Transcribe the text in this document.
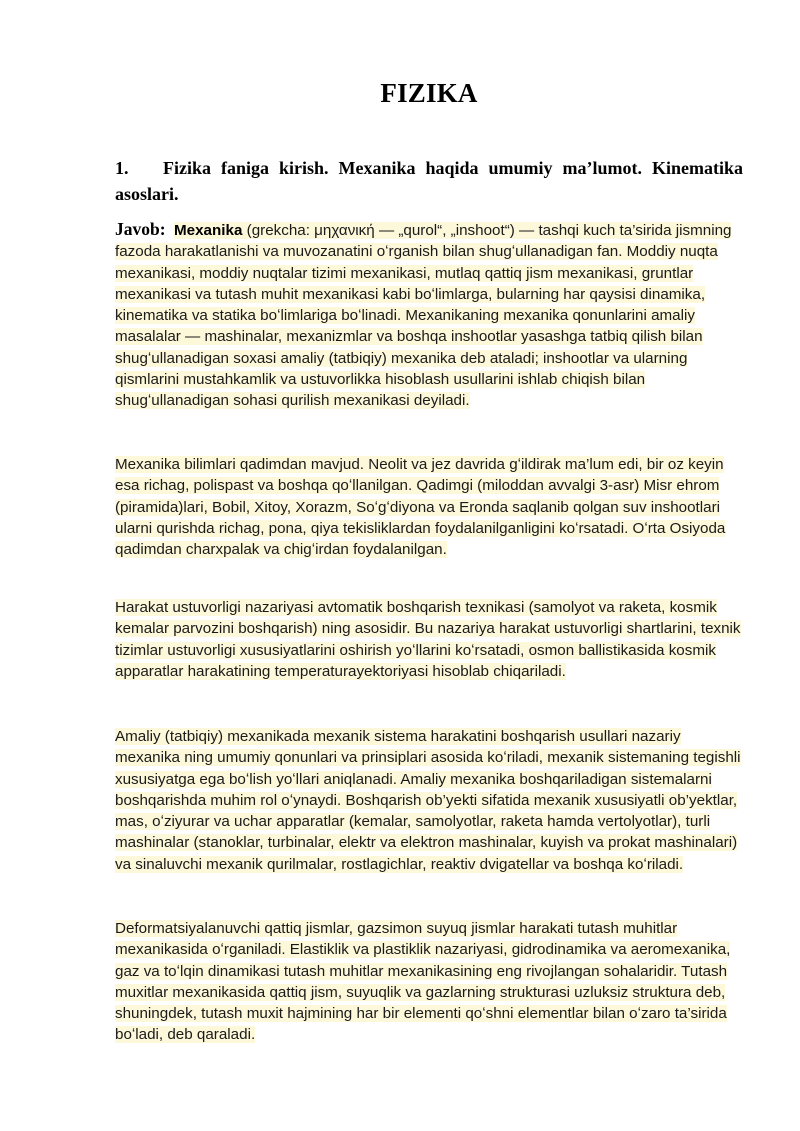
FIZIKA
1. Fizika faniga kirish. Mexanika haqida umumiy ma’lumot. Kinematika asoslari.

Javob: Mexanika (grekcha: μηχανική — „qurol“, „inshoot“) — tashqi kuch ta’sirida jismning fazoda harakatlanishi va muvozanatini oʻrganish bilan shugʻullanadigan fan. Moddiy nuqta mexanikasi, moddiy nuqtalar tizimi mexanikasi, mutlaq qattiq jism mexanikasi, gruntlar mexanikasi va tutash muhit mexanikasi kabi boʻlimlarga, bularning har qaysisi dinamika, kinematika va statika boʻlimlariga boʻlinadi. Mexanikaning mexanika qonunlarini amaliy masalalar — mashinalar, mexanizmlar va boshqa inshootlar yasashga tatbiq qilish bilan shugʻullanadigan soxasi amaliy (tatbiqiy) mexanika deb ataladi; inshootlar va ularning qismlarini mustahkamlik va ustuvorlikka hisoblash usullarini ishlab chiqish bilan shugʻullanadigan sohasi qurilish mexanikasi deyiladi.

Mexanika bilimlari qadimdan mavjud. Neolit va jez davrida gʻildirak ma’lum edi, bir oz keyin esa richag, polispast va boshqa qoʻllanilgan. Qadimgi (miloddan avvalgi 3-asr) Misr ehrom (piramida)lari, Bobil, Xitoy, Xorazm, Soʻgʻdiyona va Eronda saqlanib qolgan suv inshootlari ularni qurishda richag, pona, qiya tekisliklardan foydalanilganligini koʻrsatadi. Oʻrta Osiyoda qadimdan charxpalak va chigʻirdan foydalanilgan.

Harakat ustuvorligi nazariyasi avtomatik boshqarish texnikasi (samolyot va raketa, kosmik kemalar parvozini boshqarish) ning asosidir. Bu nazariya harakat ustuvorligi shartlarini, texnik tizimlar ustuvorligi xususiyatlarini oshirish yoʻllarini koʻrsatadi, osmon ballistikasida kosmik apparatlar harakatining temperaturayektoriyasi hisoblab chiqariladi.

Amaliy (tatbiqiy) mexanikada mexanik sistema harakatini boshqarish usullari nazariy mexanika ning umumiy qonunlari va prinsiplari asosida koʻriladi, mexanik sistemaning tegishli xususiyatga ega boʻlish yoʻllari aniqlanadi. Amaliy mexanika boshqariladigan sistemalarni boshqarishda muhim rol oʻynaydi. Boshqarish ob’yekti sifatida mexanik xususiyatli ob’yektlar, mas, oʻziyurar va uchar apparatlar (kemalar, samolyotlar, raketa hamda vertolyotlar), turli mashinalar (stanoklar, turbinalar, elektr va elektron mashinalar, kuyish va prokat mashinalari) va sinaluvchi mexanik qurilmalar, rostlagichlar, reaktiv dvigatellar va boshqa koʻriladi.

Deformatsiyalanuvchi qattiq jismlar, gazsimon suyuq jismlar harakati tutash muhitlar mexanikasida oʻrganiladi. Elastiklik va plastiklik nazariyasi, gidrodinamika va aeromexanika, gaz va toʻlqin dinamikasi tutash muhitlar mexanikasining eng rivojlangan sohalaridir. Tutash muxitlar mexanikasida qattiq jism, suyuqlik va gazlarning strukturasi uzluksiz struktura deb, shuningdek, tutash muxit hajmining har bir elementi qoʻshni elementlar bilan oʻzaro ta’sirida boʻladi, deb qaraladi.
